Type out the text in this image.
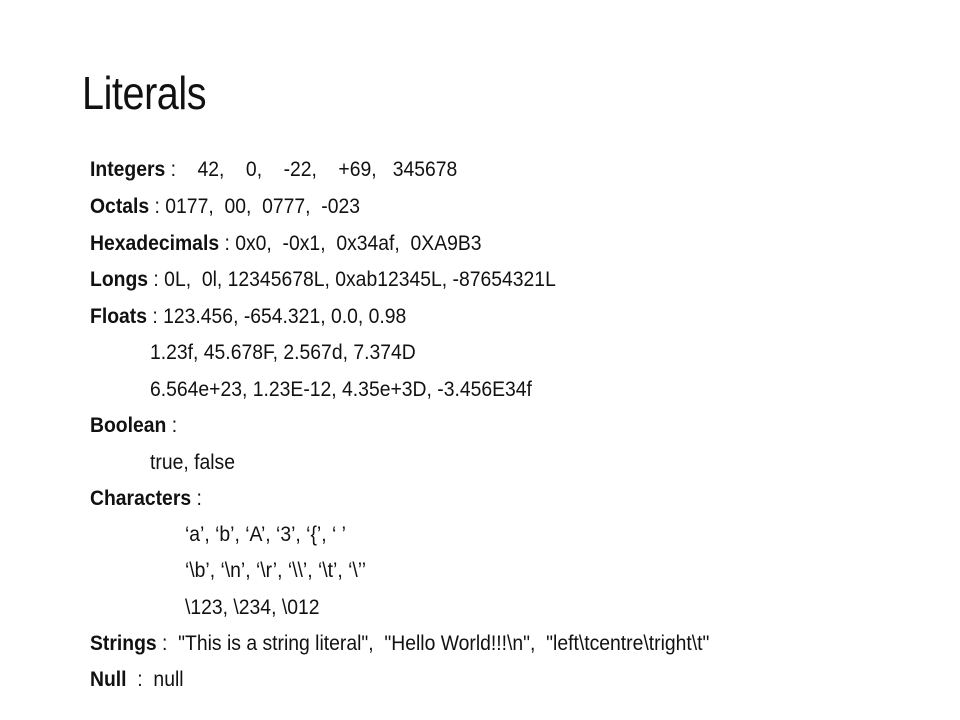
Literals
Integers :    42,    0,    -22,    +69,   345678
Octals : 0177,  00,  0777,  -023
Hexadecimals : 0x0,  -0x1,  0x34af,  0XA9B3
Longs : 0L,  0l, 12345678L, 0xab12345L, -87654321L
Floats : 123.456, -654.321, 0.0, 0.98
1.23f, 45.678F, 2.567d, 7.374D
6.564e+23, 1.23E-12, 4.35e+3D, -3.456E34f
Boolean :
true, false
Characters :
‘a’, ‘b’, ‘A’, ‘3’, ‘{’, ‘ ’
‘\b’, ‘\n’, ‘\r’, ‘\\’, ‘\t’, ‘\’’
\123, \234, \012
Strings :  "This is a string literal",  "Hello World!!!\n",  "left\tcentre\tright\t"
Null  :  null
